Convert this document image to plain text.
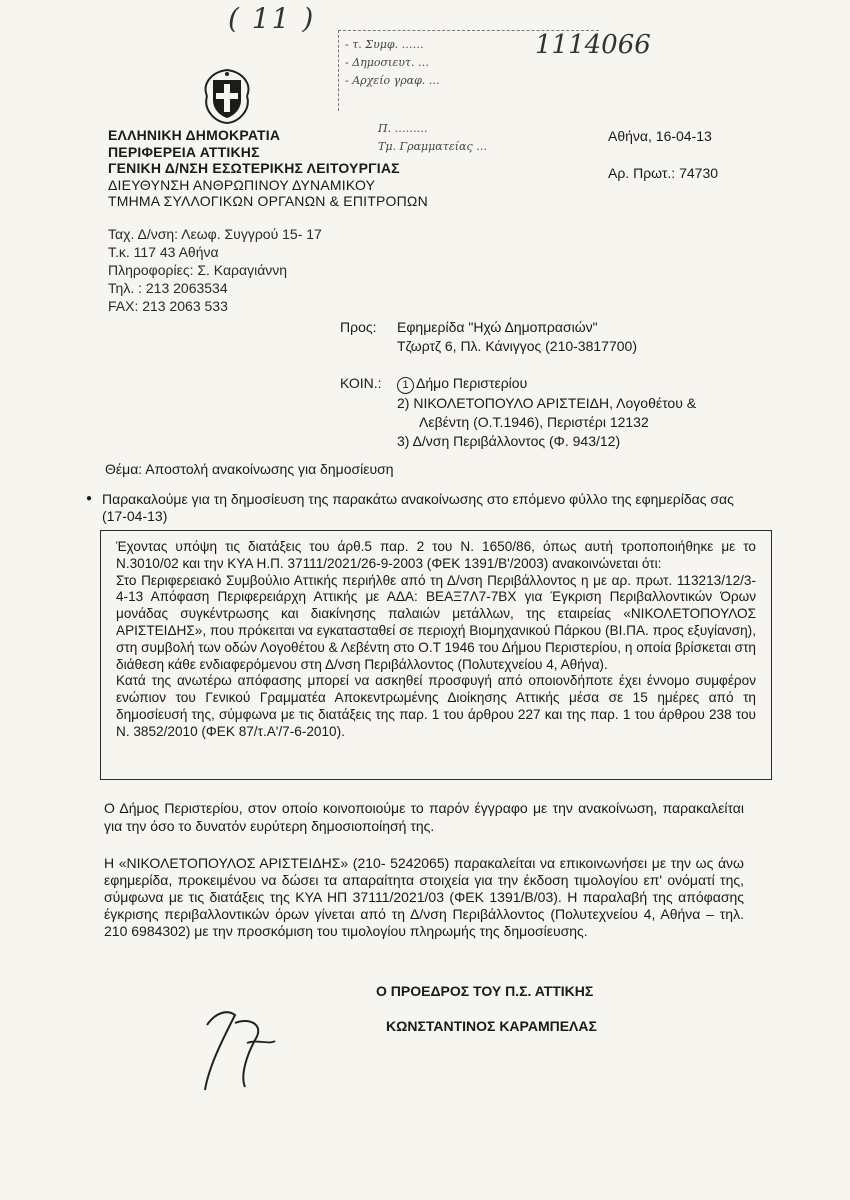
( 11 )
1114066
- τ. Συμφ. ……
- Δημοσιευτ. …
- Αρχείο γραφ. …
Π. ………
Τμ. Γραμματείας …
ΕΛΛΗΝΙΚΗ ΔΗΜΟΚΡΑΤΙΑ
ΠΕΡΙΦΕΡΕΙΑ ΑΤΤΙΚΗΣ
ΓΕΝΙΚΗ Δ/ΝΣΗ ΕΣΩΤΕΡΙΚΗΣ ΛΕΙΤΟΥΡΓΙΑΣ
ΔΙΕΥΘΥΝΣΗ ΑΝΘΡΩΠΙΝΟΥ ΔΥΝΑΜΙΚΟΥ
ΤΜΗΜΑ ΣΥΛΛΟΓΙΚΩΝ ΟΡΓΑΝΩΝ & ΕΠΙΤΡΟΠΩΝ
Αθήνα, 16-04-13
Αρ. Πρωτ.: 74730
Ταχ. Δ/νση: Λεωφ. Συγγρού 15- 17
Τ.κ. 117 43 Αθήνα
Πληροφορίες: Σ. Καραγιάννη
Τηλ. : 213 2063534
FAX: 213 2063 533
Προς: Εφημερίδα "Ηχώ Δημοπρασιών"
Τζωρτζ 6, Πλ. Κάνιγγος (210-3817700)
ΚΟΙΝ.:	1 Δήμο Περιστερίου
2) ΝΙΚΟΛΕΤΟΠΟΥΛΟ ΑΡΙΣΤΕΙΔΗ, Λογοθέτου &
Λεβέντη (Ο.Τ.1946), Περιστέρι 12132
3) Δ/νση Περιβάλλοντος (Φ. 943/12)
Θέμα: Αποστολή ανακοίνωσης για δημοσίευση
● Παρακαλούμε για τη δημοσίευση της παρακάτω ανακοίνωσης στο επόμενο φύλλο της εφημερίδας σας (17-04-13)

Έχοντας υπόψη τις διατάξεις του άρθ.5 παρ. 2 του Ν. 1650/86, όπως αυτή τροποποιήθηκε με το Ν.3010/02 και την ΚΥΑ Η.Π. 37111/2021/26-9-2003 (ΦΕΚ 1391/Β'/2003) ανακοινώνεται ότι:

Στο Περιφερειακό Συμβούλιο Αττικής περιήλθε από τη Δ/νση Περιβάλλοντος η με αρ. πρωτ. 113213/12/3-4-13 Απόφαση Περιφερειάρχη Αττικής με ΑΔΑ: ΒΕΑΞ7Λ7-7ΒΧ για Έγκριση Περιβαλλοντικών Όρων μονάδας συγκέντρωσης και διακίνησης παλαιών μετάλλων, της εταιρείας «ΝΙΚΟΛΕΤΟΠΟΥΛΟΣ ΑΡΙΣΤΕΙΔΗΣ», που πρόκειται να εγκατασταθεί σε περιοχή Βιομηχανικού Πάρκου (ΒΙ.ΠΑ. προς εξυγίανση), στη συμβολή των οδών Λογοθέτου & Λεβέντη στο Ο.Τ 1946 του Δήμου Περιστερίου, η οποία βρίσκεται στη διάθεση κάθε ενδιαφερόμενου στη Δ/νση Περιβάλλοντος (Πολυτεχνείου 4, Αθήνα).

Κατά της ανωτέρω απόφασης μπορεί να ασκηθεί προσφυγή από οποιονδήποτε έχει έννομο συμφέρον ενώπιον του Γενικού Γραμματέα Αποκεντρωμένης Διοίκησης Αττικής μέσα σε 15 ημέρες από τη δημοσίευσή της, σύμφωνα με τις διατάξεις της παρ. 1 του άρθρου 227 και της παρ. 1 του άρθρου 238 του Ν. 3852/2010 (ΦΕΚ 87/τ.Α'/7-6-2010).

Ο Δήμος Περιστερίου, στον οποίο κοινοποιούμε το παρόν έγγραφο με την ανακοίνωση, παρακαλείται για την όσο το δυνατόν ευρύτερη δημοσιοποίησή της.
Η «ΝΙΚΟΛΕΤΟΠΟΥΛΟΣ ΑΡΙΣΤΕΙΔΗΣ» (210- 5242065) παρακαλείται να επικοινωνήσει με την ως άνω εφημερίδα, προκειμένου να δώσει τα απαραίτητα στοιχεία για την έκδοση τιμολογίου επ' ονόματί της, σύμφωνα με τις διατάξεις της ΚΥΑ ΗΠ 37111/2021/03 (ΦΕΚ 1391/Β/03). Η παραλαβή της απόφασης έγκρισης περιβαλλοντικών όρων γίνεται από τη Δ/νση Περιβάλλοντος (Πολυτεχνείου 4, Αθήνα – τηλ. 210 6984302) με την προσκόμιση του τιμολογίου πληρωμής της δημοσίευσης.
Ο ΠΡΟΕΔΡΟΣ ΤΟΥ Π.Σ. ΑΤΤΙΚΗΣ
ΚΩΝΣΤΑΝΤΙΝΟΣ ΚΑΡΑΜΠΕΛΑΣ
